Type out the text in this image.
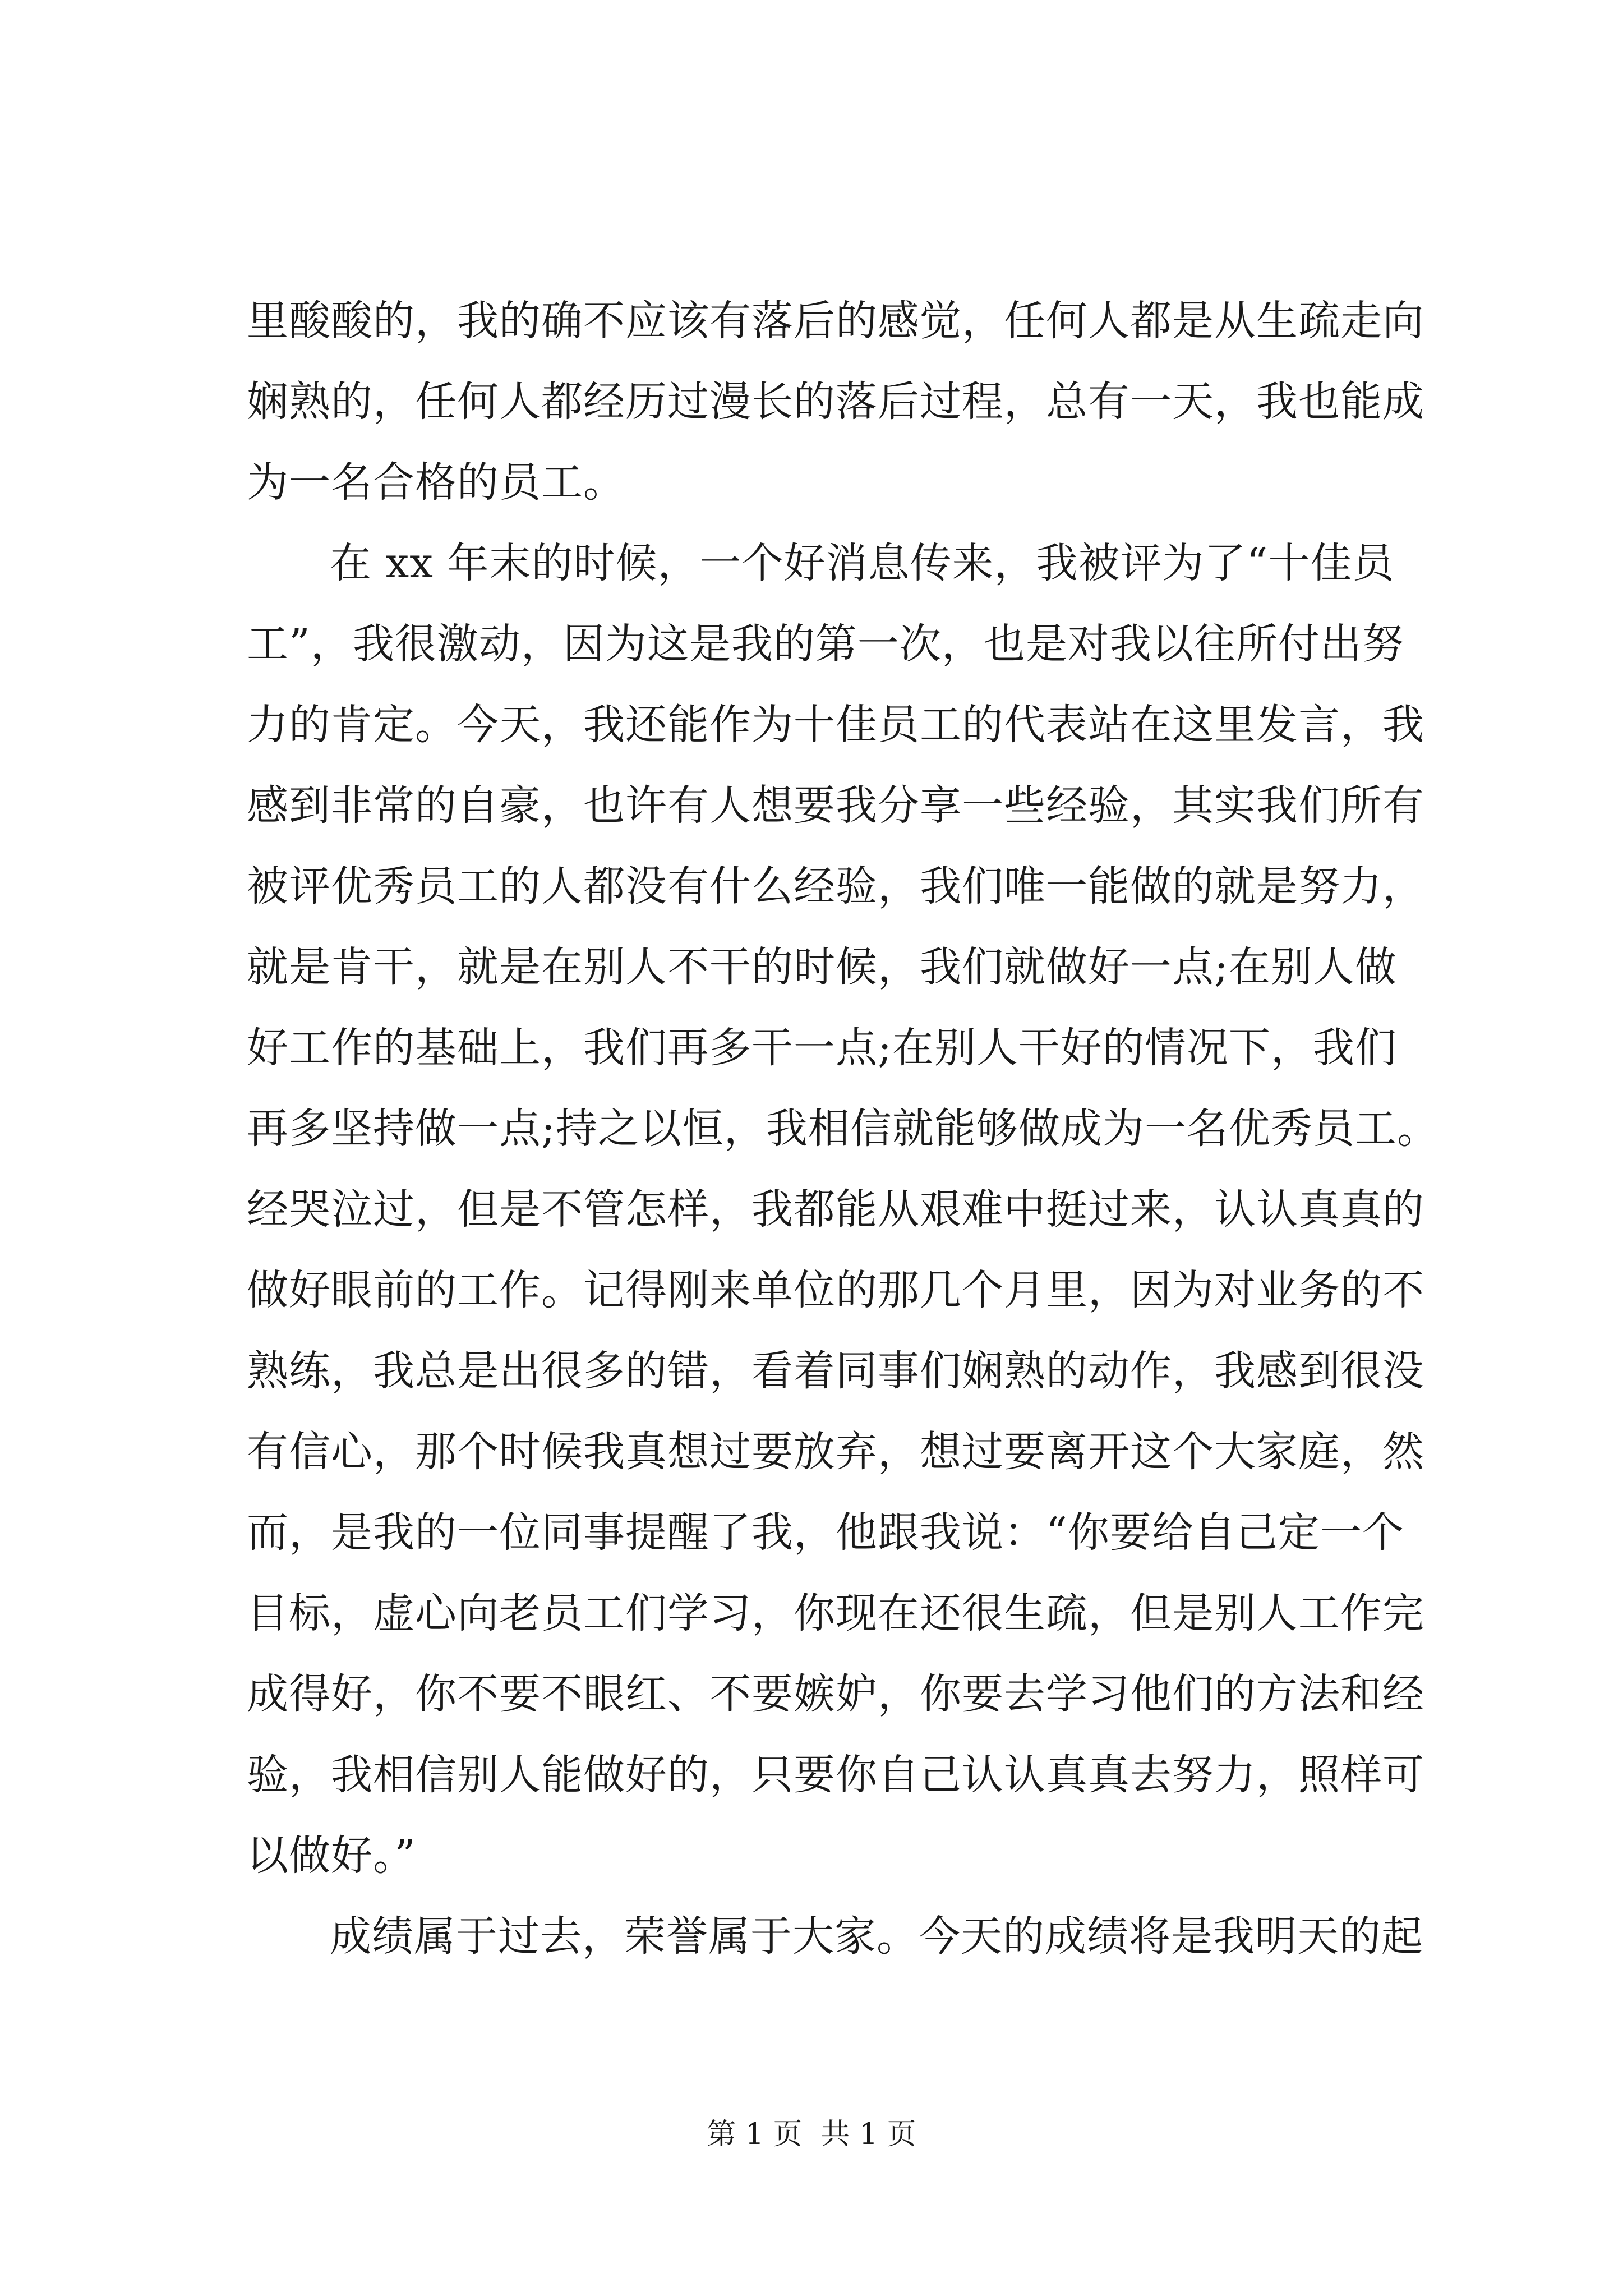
里酸酸的，我的确不应该有落后的感觉，任何人都是从生疏走向
娴熟的，任何人都经历过漫长的落后过程，总有一天，我也能成
为一名合格的员工。
在 xx 年末的时候，一个好消息传来，我被评为了“十佳员
工”，我很激动，因为这是我的第一次，也是对我以往所付出努
力的肯定。今天，我还能作为十佳员工的代表站在这里发言，我
感到非常的自豪，也许有人想要我分享一些经验，其实我们所有
被评优秀员工的人都没有什么经验，我们唯一能做的就是努力，
就是肯干，就是在别人不干的时候，我们就做好一点;在别人做
好工作的基础上，我们再多干一点;在别人干好的情况下，我们
再多坚持做一点;持之以恒，我相信就能够做成为一名优秀员工。
经哭泣过，但是不管怎样，我都能从艰难中挺过来，认认真真的
做好眼前的工作。记得刚来单位的那几个月里，因为对业务的不
熟练，我总是出很多的错，看着同事们娴熟的动作，我感到很没
有信心，那个时候我真想过要放弃，想过要离开这个大家庭，然
而，是我的一位同事提醒了我，他跟我说：“你要给自己定一个
目标，虚心向老员工们学习，你现在还很生疏，但是别人工作完
成得好，你不要不眼红、不要嫉妒，你要去学习他们的方法和经
验，我相信别人能做好的，只要你自己认认真真去努力，照样可
以做好。”
成绩属于过去，荣誉属于大家。今天的成绩将是我明天的起
第 1 页  共 1 页
